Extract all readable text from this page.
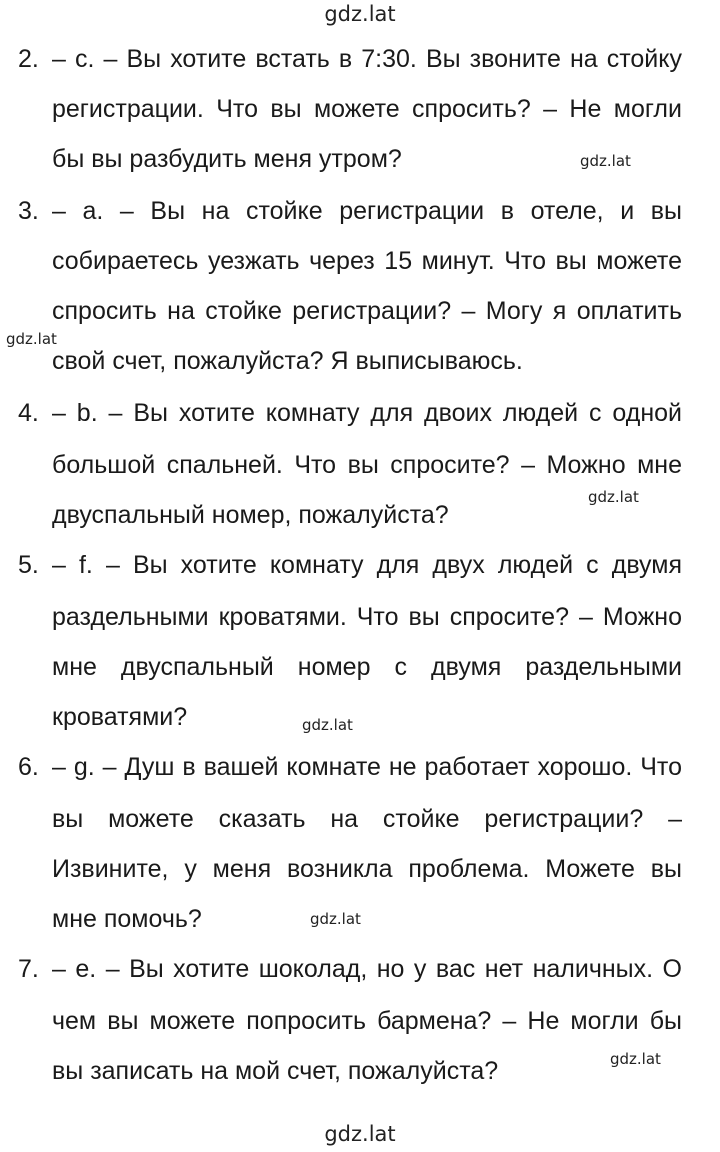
gdz.lat
gdz.lat
gdz.lat
gdz.lat
gdz.lat
gdz.lat
gdz.lat
gdz.lat
2. – c. – Вы хотите встать в 7:30. Вы звоните на стойку
регистрации. Что вы можете спросить? – Не могли
бы вы разбудить меня утром?
3. – a. – Вы на стойке регистрации в отеле, и вы
собираетесь уезжать через 15 минут. Что вы можете
спросить на стойке регистрации? – Могу я оплатить
свой счет, пожалуйста? Я выписываюсь.
4. – b. – Вы хотите комнату для двоих людей с одной
большой спальней. Что вы спросите? – Можно мне
двуспальный номер, пожалуйста?
5. – f. – Вы хотите комнату для двух людей с двумя
раздельными кроватями. Что вы спросите? – Можно
мне двуспальный номер с двумя раздельными
кроватями?
6. – g. – Душ в вашей комнате не работает хорошо. Что
вы можете сказать на стойке регистрации? –
Извините, у меня возникла проблема. Можете вы
мне помочь?
7. – e. – Вы хотите шоколад, но у вас нет наличных. О
чем вы можете попросить бармена? – Не могли бы
вы записать на мой счет, пожалуйста?
